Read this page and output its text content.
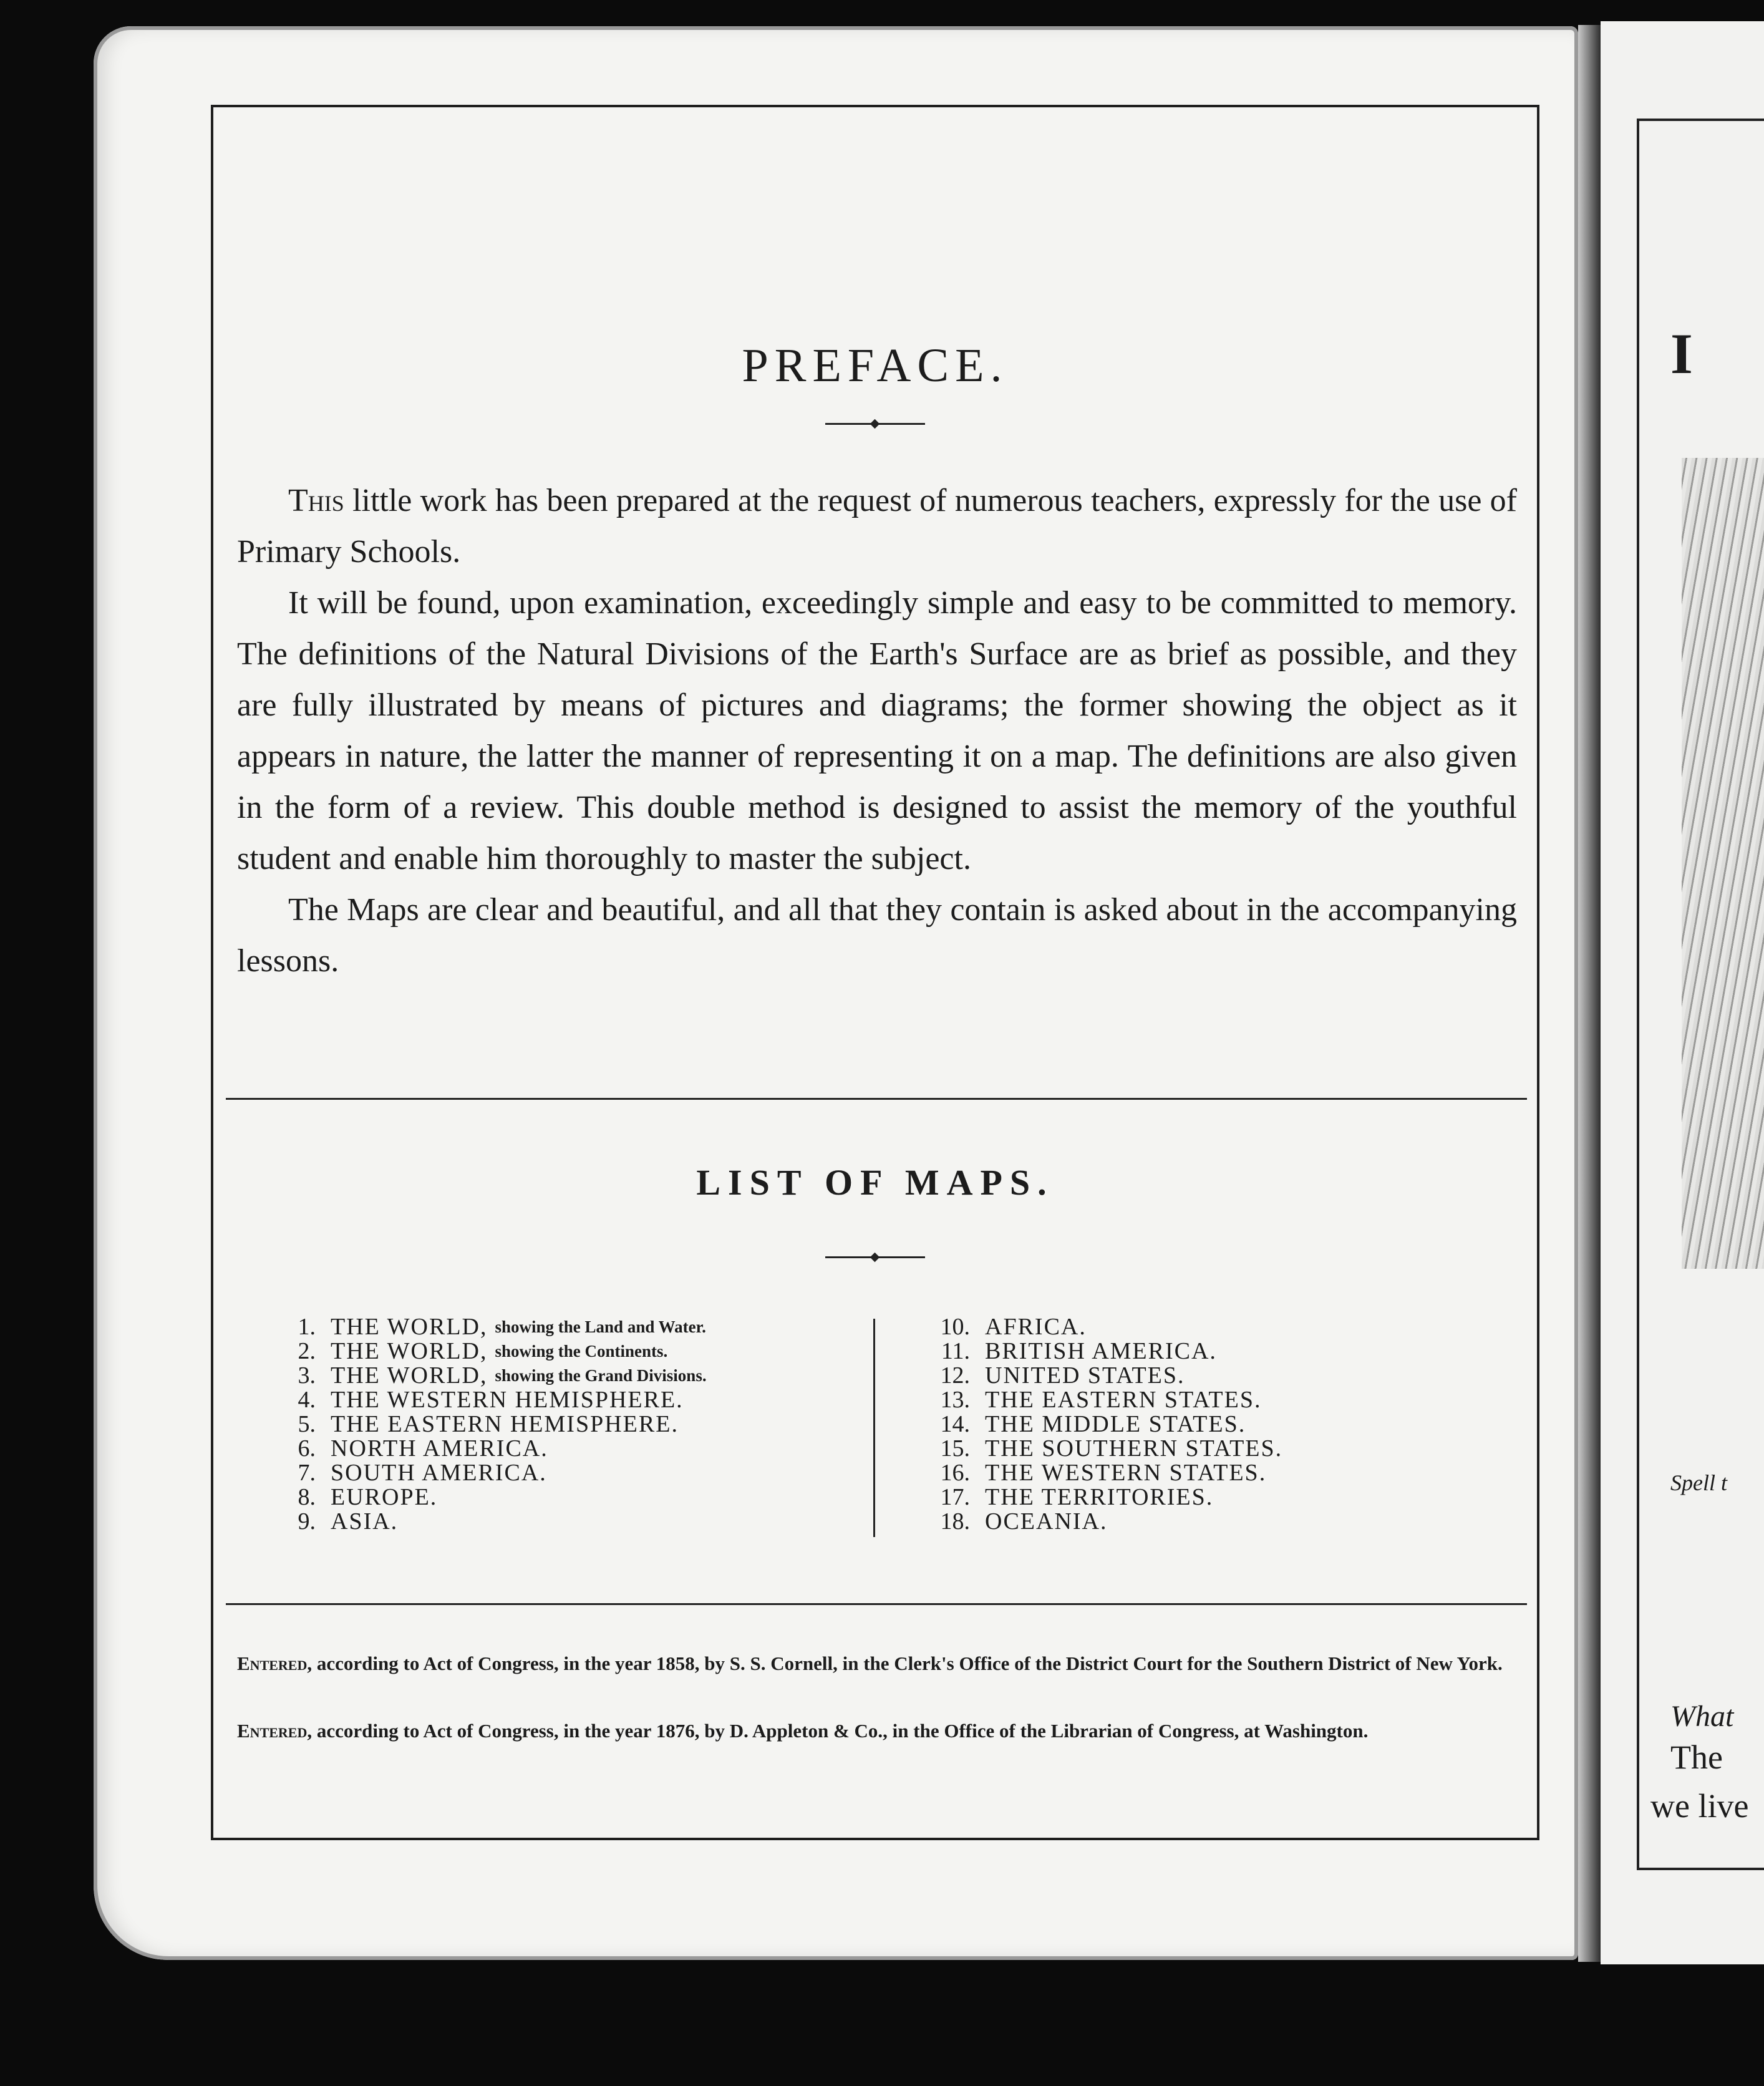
I
Spell t
What
The
we live
PREFACE.

This little work has been prepared at the request of numerous teachers, expressly for the use of Primary Schools.

It will be found, upon examination, exceedingly simple and easy to be committed to memory. The definitions of the Natural Divisions of the Earth's Surface are as brief as possible, and they are fully illustrated by means of pictures and diagrams; the former showing the object as it appears in nature, the latter the manner of representing it on a map. The definitions are also given in the form of a review. This double method is designed to assist the memory of the youthful student and enable him thoroughly to master the subject.

The Maps are clear and beautiful, and all that they contain is asked about in the accompanying lessons.

LIST OF MAPS.
1. THE WORLD, showing the Land and Water.
2. THE WORLD, showing the Continents.
3. THE WORLD, showing the Grand Divisions.
4. THE WESTERN HEMISPHERE.
5. THE EASTERN HEMISPHERE.
6. NORTH AMERICA.
7. SOUTH AMERICA.
8. EUROPE.
9. ASIA.
10. AFRICA.
11. BRITISH AMERICA.
12. UNITED STATES.
13. THE EASTERN STATES.
14. THE MIDDLE STATES.
15. THE SOUTHERN STATES.
16. THE WESTERN STATES.
17. THE TERRITORIES.
18. OCEANIA.
Entered, according to Act of Congress, in the year 1858, by S. S. Cornell, in the Clerk's Office of the District Court for the Southern District of New York.
Entered, according to Act of Congress, in the year 1876, by D. Appleton & Co., in the Office of the Librarian of Congress, at Washington.
